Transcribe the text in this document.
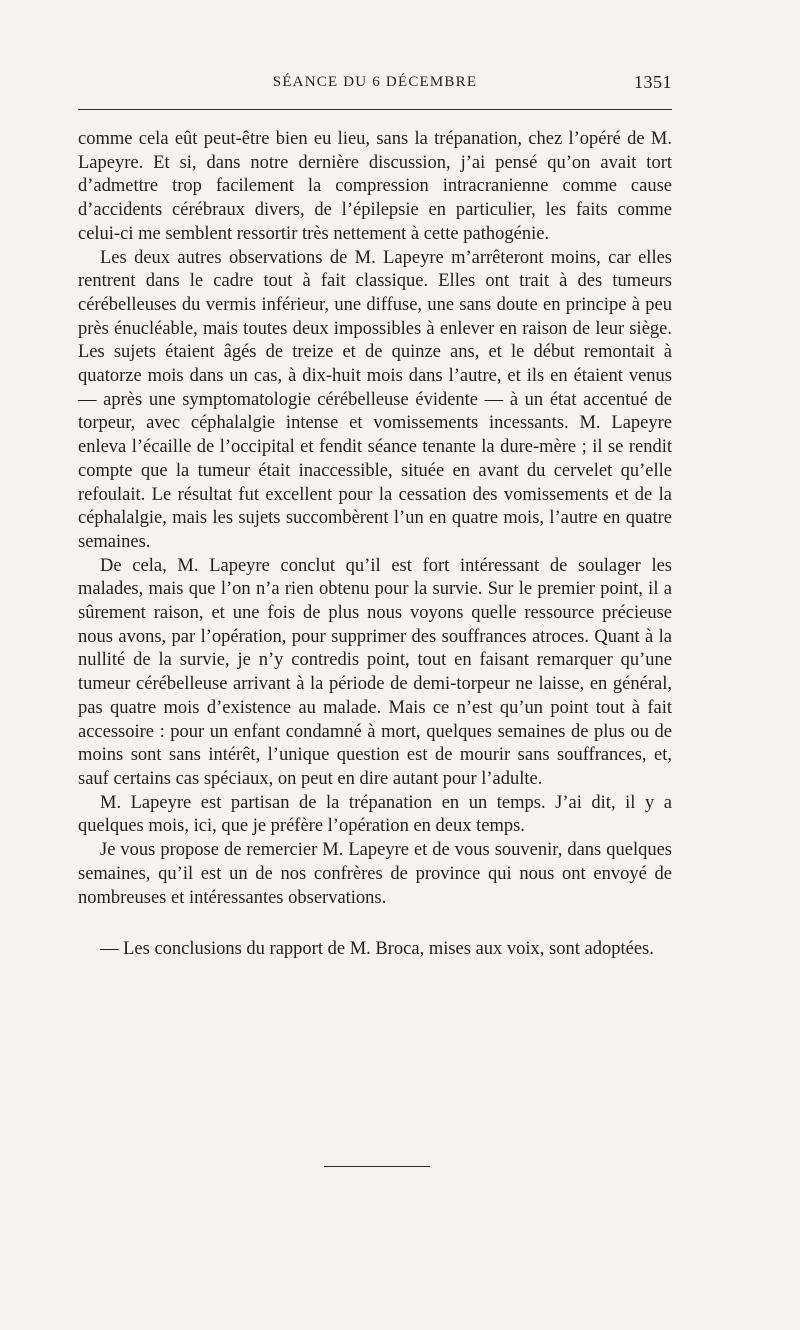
SÉANCE DU 6 DÉCEMBRE	1351

comme cela eût peut-être bien eu lieu, sans la trépanation, chez l’opéré de M. Lapeyre. Et si, dans notre dernière discussion, j’ai pensé qu’on avait tort d’admettre trop facilement la compression intracranienne comme cause d’accidents cérébraux divers, de l’épilepsie en particulier, les faits comme celui-ci me semblent ressortir très nettement à cette pathogénie.

Les deux autres observations de M. Lapeyre m’arrêteront moins, car elles rentrent dans le cadre tout à fait classique. Elles ont trait à des tumeurs cérébelleuses du vermis inférieur, une diffuse, une sans doute en principe à peu près énucléable, mais toutes deux impossibles à enlever en raison de leur siège. Les sujets étaient âgés de treize et de quinze ans, et le début remontait à quatorze mois dans un cas, à dix-huit mois dans l’autre, et ils en étaient venus — après une symptomatologie cérébelleuse évidente — à un état accentué de torpeur, avec céphalalgie intense et vomissements incessants. M. Lapeyre enleva l’écaille de l’occipital et fendit séance tenante la dure-mère ; il se rendit compte que la tumeur était inaccessible, située en avant du cervelet qu’elle refoulait. Le résultat fut excellent pour la cessation des vomissements et de la céphalalgie, mais les sujets succombèrent l’un en quatre mois, l’autre en quatre semaines.

De cela, M. Lapeyre conclut qu’il est fort intéressant de soulager les malades, mais que l’on n’a rien obtenu pour la survie. Sur le premier point, il a sûrement raison, et une fois de plus nous voyons quelle ressource précieuse nous avons, par l’opération, pour supprimer des souffrances atroces. Quant à la nullité de la survie, je n’y contredis point, tout en faisant remarquer qu’une tumeur cérébelleuse arrivant à la période de demi-torpeur ne laisse, en général, pas quatre mois d’existence au malade. Mais ce n’est qu’un point tout à fait accessoire : pour un enfant condamné à mort, quelques semaines de plus ou de moins sont sans intérêt, l’unique question est de mourir sans souffrances, et, sauf certains cas spéciaux, on peut en dire autant pour l’adulte.

M. Lapeyre est partisan de la trépanation en un temps. J’ai dit, il y a quelques mois, ici, que je préfère l’opération en deux temps.

Je vous propose de remercier M. Lapeyre et de vous souvenir, dans quelques semaines, qu’il est un de nos confrères de province qui nous ont envoyé de nombreuses et intéressantes observations.

— Les conclusions du rapport de M. Broca, mises aux voix, sont adoptées.
